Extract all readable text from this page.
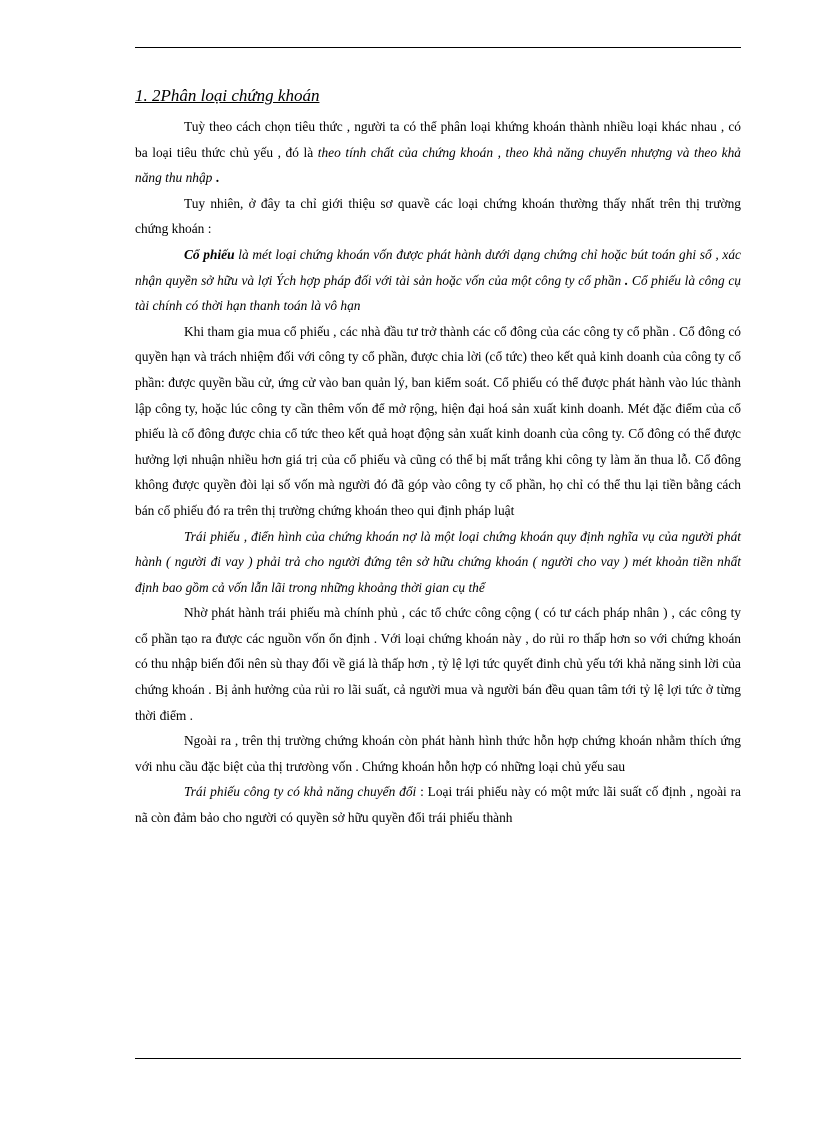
1. 2Phân loại chứng khoán

Tuỳ theo cách chọn tiêu thức , người ta có thể phân loại khứng khoán thành nhiều loại khác nhau , có ba loại tiêu thức chủ yếu , đó là theo tính chất của chứng khoán , theo khả năng chuyển nhượng và theo khả năng thu nhập .

Tuy nhiên, ở đây ta chỉ giới thiệu sơ quavề các loại chứng khoán thường thấy nhất trên thị trường chứng khoán :

Cổ phiếu là mét loại chứng khoán vốn được phát hành dưới dạng chứng chỉ hoặc bút toán ghi sổ , xác nhận quyền sở hữu và lợi Ých hợp pháp đối với tài sản hoặc vốn của một công ty cổ phần . Cổ phiếu là công cụ tài chính có thời hạn thanh toán là vô hạn

Khi tham gia mua cổ phiếu , các nhà đầu tư trở thành các cổ đông của các công ty cổ phần . Cổ đông có quyền hạn và trách nhiệm đối với công ty cổ phần, được chia lời (cổ tức) theo kết quả kinh doanh của công ty cổ phần: được quyền bầu cử, ứng cử vào ban quản lý, ban kiểm soát. Cổ phiếu có thể được phát hành vào lúc thành lập công ty, hoặc lúc công ty cần thêm vốn để mở rộng, hiện đại hoá sản xuất kinh doanh. Mét đặc điểm của cổ phiếu là cổ đông được chia cổ tức theo kết quả hoạt động sản xuất kinh doanh của công ty. Cổ đông có thể được hưởng lợi nhuận nhiều hơn giá trị của cổ phiếu và cũng có thể bị mất trắng khi công ty làm ăn thua lỗ. Cổ đông không được quyền đòi lại số vốn mà người đó đã góp vào công ty cổ phần, họ chỉ có thể thu lại tiền bằng cách bán cổ phiếu đó ra trên thị trường chứng khoán theo qui định pháp luật

Trái phiếu , điển hình của chứng khoán nợ là một loại chứng khoán quy định nghĩa vụ của người phát hành ( người đi vay ) phải trả cho người đứng tên sở hữu chứng khoán ( người cho vay ) mét khoản tiền nhất định bao gồm cả vốn lẫn lãi trong những khoảng thời gian cụ thể

Nhờ phát hành trái phiếu mà chính phủ , các tổ chức công cộng ( có tư cách pháp nhân ) , các công ty cổ phần tạo ra được các nguồn vốn ổn định . Với loại chứng khoán này , do rủi ro thấp hơn so với chứng khoán có thu nhập biến đổi nên sù thay đổi về giá là thấp hơn , tỷ lệ lợi tức quyết đinh chủ yếu tới khả năng sinh lời của chứng khoán . Bị ảnh hưởng của rủi ro lãi suất, cả người mua và người bán đều quan tâm tới tỷ lệ lợi tức ở từng thời điểm .

Ngoài ra , trên thị trường chứng khoán còn phát hành hình thức hỗn hợp chứng khoán nhằm thích ứng với nhu cầu đặc biệt của thị trươòng vốn . Chứng khoán hỗn hợp có những loại chủ yếu sau

Trái phiếu công ty có khả năng chuyển đổi : Loại trái phiếu này có một mức lãi suất cố định , ngoài ra nã còn đảm bảo cho người có quyền sở hữu quyền đổi trái phiếu thành
